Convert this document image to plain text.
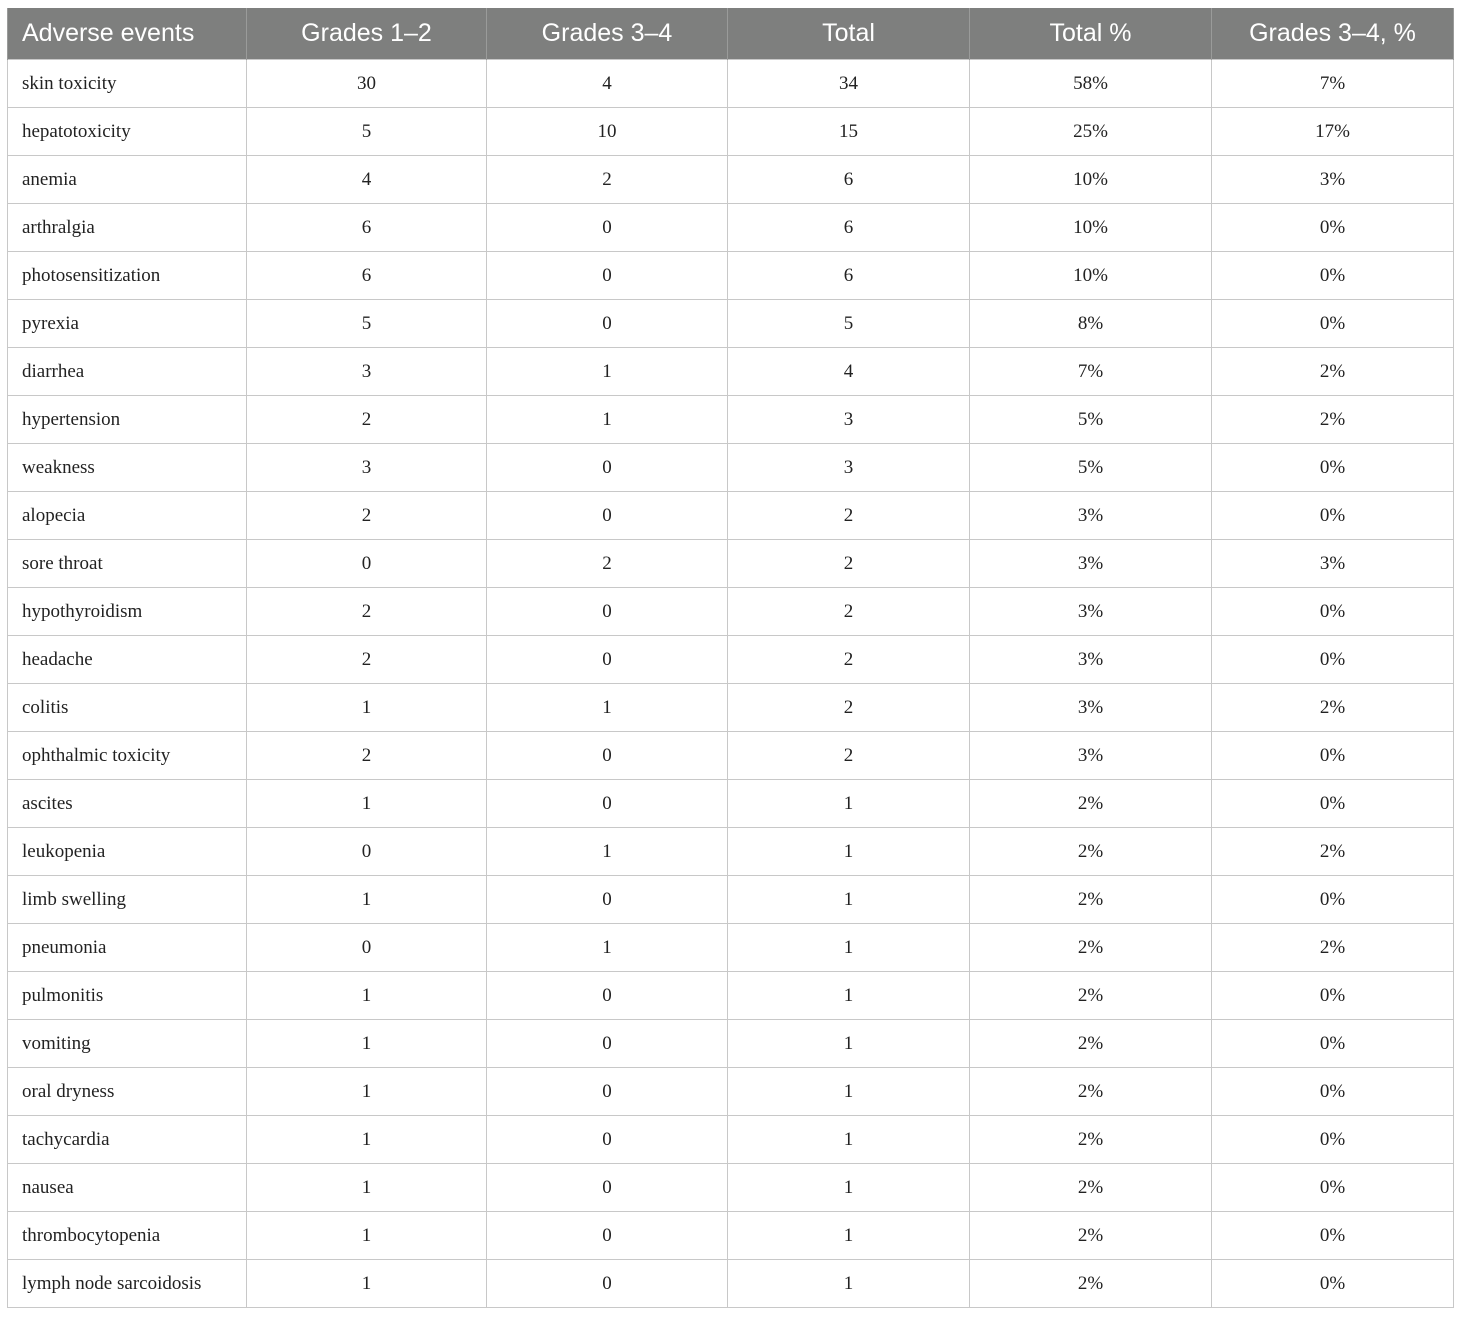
Adverse events	Grades 1–2	Grades 3–4	Total	Total %	Grades 3–4, %
skin toxicity	30	4	34	58%	7%
hepatotoxicity	5	10	15	25%	17%
anemia	4	2	6	10%	3%
arthralgia	6	0	6	10%	0%
photosensitization	6	0	6	10%	0%
pyrexia	5	0	5	8%	0%
diarrhea	3	1	4	7%	2%
hypertension	2	1	3	5%	2%
weakness	3	0	3	5%	0%
alopecia	2	0	2	3%	0%
sore throat	0	2	2	3%	3%
hypothyroidism	2	0	2	3%	0%
headache	2	0	2	3%	0%
colitis	1	1	2	3%	2%
ophthalmic toxicity	2	0	2	3%	0%
ascites	1	0	1	2%	0%
leukopenia	0	1	1	2%	2%
limb swelling	1	0	1	2%	0%
pneumonia	0	1	1	2%	2%
pulmonitis	1	0	1	2%	0%
vomiting	1	0	1	2%	0%
oral dryness	1	0	1	2%	0%
tachycardia	1	0	1	2%	0%
nausea	1	0	1	2%	0%
thrombocytopenia	1	0	1	2%	0%
lymph node sarcoidosis	1	0	1	2%	0%
